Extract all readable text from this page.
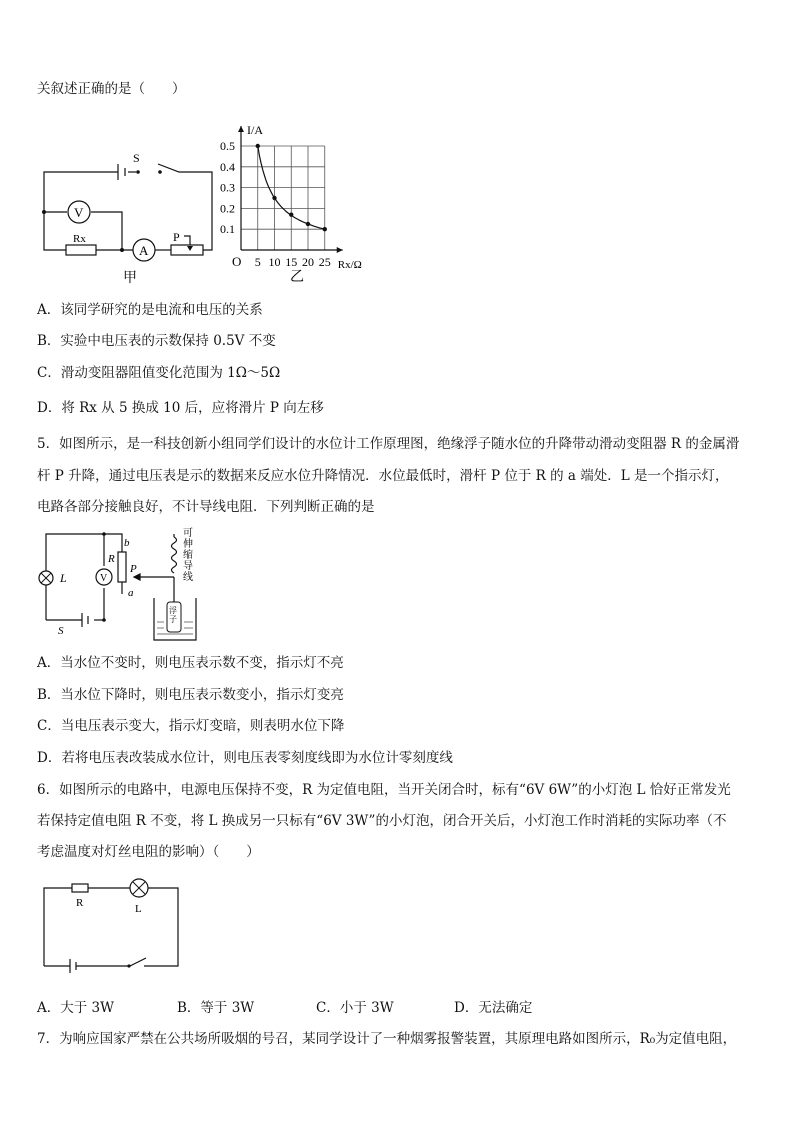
关叙述正确的是（　　）
V
Rx
A
P
S
甲
0.1
0.2
0.3
0.4
0.5
5 10 15 20 25
O
I/A
Rx/Ω
乙
A．该同学研究的是电流和电压的关系
B．实验中电压表的示数保持 0.5V 不变
C．滑动变阻器阻值变化范围为 1Ω～5Ω
D．将 Rx 从 5 换成 10 后，应将滑片 P 向左移
5．如图所示，是一科技创新小组同学们设计的水位计工作原理图，绝缘浮子随水位的升降带动滑动变阻器 R 的金属滑
杆 P 升降，通过电压表是示的数据来反应水位升降情况．水位最低时，滑杆 P 位于 R 的 a 端处．L 是一个指示灯，
电路各部分接触良好，不计导线电阻．下列判断正确的是
L	V
R
b
a
P
S
可伸缩导线
浮子
A．当水位不变时，则电压表示数不变，指示灯不亮
B．当水位下降时，则电压表示数变小，指示灯变亮
C．当电压表示变大，指示灯变暗，则表明水位下降
D．若将电压表改装成水位计，则电压表零刻度线即为水位计零刻度线
6．如图所示的电路中，电源电压保持不变，R 为定值电阻，当开关闭合时，标有“6V 6W”的小灯泡 L 恰好正常发光
若保持定值电阻 R 不变，将 L 换成另一只标有“6V 3W”的小灯泡，闭合开关后，小灯泡工作时消耗的实际功率（不
考虑温度对灯丝电阻的影响）（　　）
R	L
A．大于 3W	B．等于 3W	C．小于 3W	D．无法确定
7．为响应国家严禁在公共场所吸烟的号召，某同学设计了一种烟雾报警装置，其原理电路如图所示，R₀为定值电阻，
